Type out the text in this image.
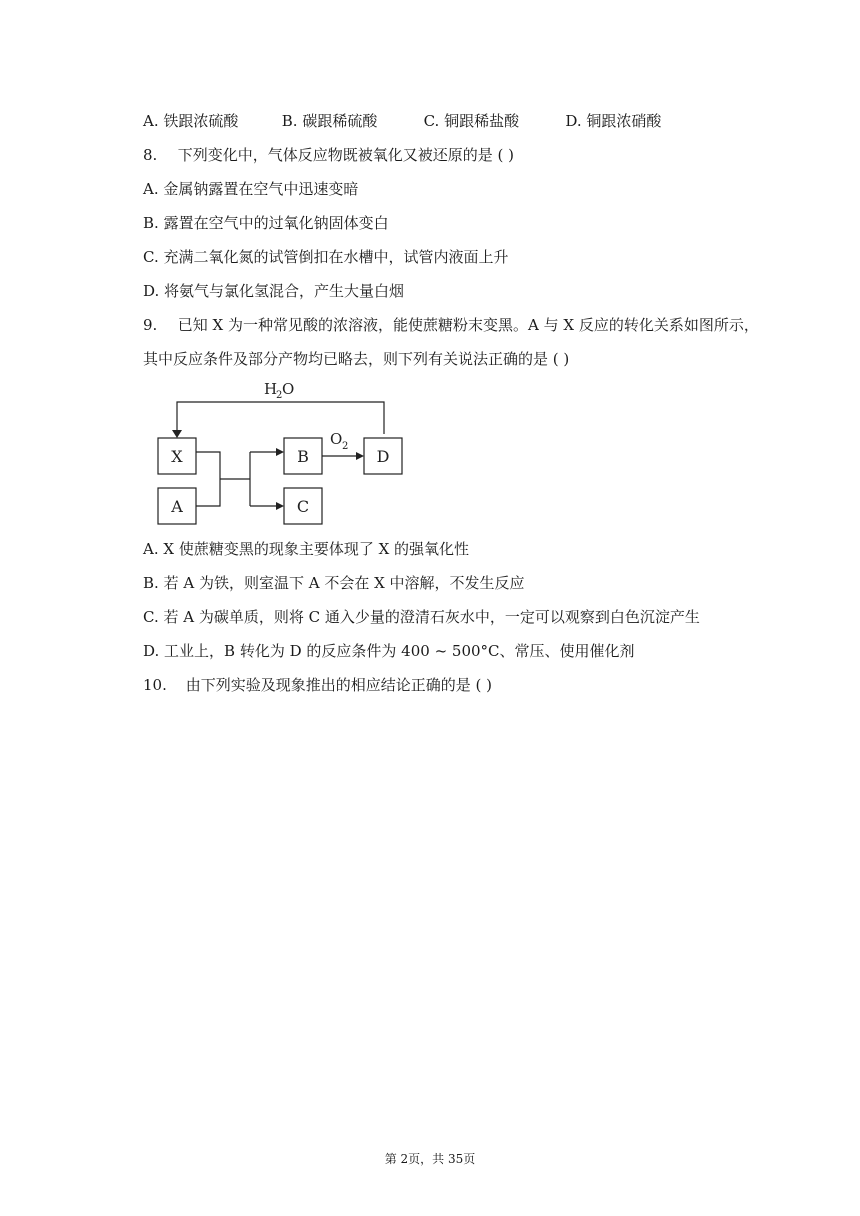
A. 铁跟浓硫酸	B. 碳跟稀硫酸	C. 铜跟稀盐酸	D. 铜跟浓硝酸
8. 下列变化中，气体反应物既被氧化又被还原的是 ( )
A. 金属钠露置在空气中迅速变暗
B. 露置在空气中的过氧化钠固体变白
C. 充满二氧化氮的试管倒扣在水槽中，试管内液面上升
D. 将氨气与氯化氢混合，产生大量白烟
9. 已知 X 为一种常见酸的浓溶液，能使蔗糖粉末变黑。A 与 X 反应的转化关系如图所示，
其中反应条件及部分产物均已略去，则下列有关说法正确的是 ( )
X
A
B
C
D
H
2 O
O 2
A. X 使蔗糖变黑的现象主要体现了 X 的强氧化性
B. 若 A 为铁，则室温下 A 不会在 X 中溶解，不发生反应
C. 若 A 为碳单质，则将 C 通入少量的澄清石灰水中，一定可以观察到白色沉淀产生
D. 工业上，B 转化为 D 的反应条件为 400 ~ 500°C、常压、使用催化剂
10. 由下列实验及现象推出的相应结论正确的是 ( )
第 2页，共 35页
